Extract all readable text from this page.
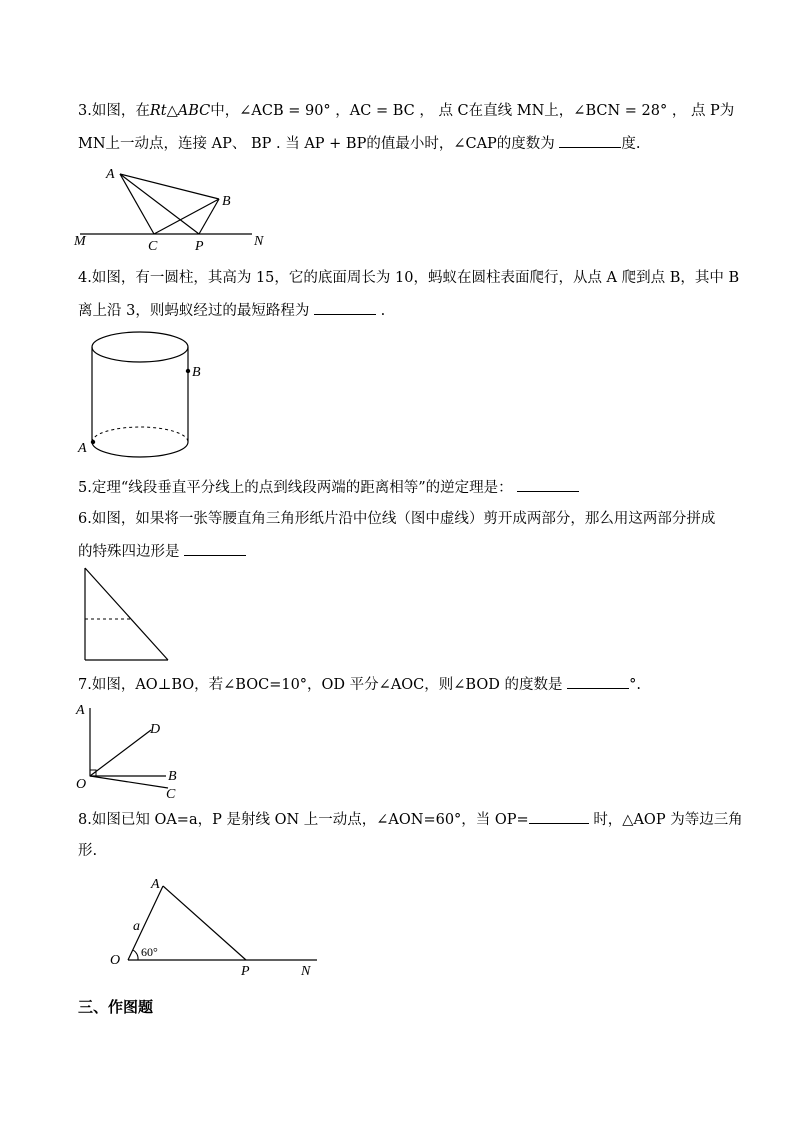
3.如图，在Rt△ABC中，∠ACB = 90° ，AC = BC ， 点 C在直线 MN上，∠BCN = 28° ， 点 P为
MN上一动点，连接 AP、 BP . 当 AP + BP的值最小时，∠CAP的度数为	度.
A
B
C	P
M	N
4.如图，有一圆柱，其高为 15，它的底面周长为 10，蚂蚁在圆柱表面爬行，从点 A 爬到点 B，其中 B
离上沿 3，则蚂蚁经过的最短路程为	.
B
A
5.定理“线段垂直平分线上的点到线段两端的距离相等”的逆定理是：
6.如图，如果将一张等腰直角三角形纸片沿中位线（图中虚线）剪开成两部分，那么用这两部分拼成
的特殊四边形是
7.如图，AO⊥BO，若∠BOC=10°，OD 平分∠AOC，则∠BOD 的度数是	°.
A
D
B
C
O
8.如图已知 OA=a，P 是射线 ON 上一动点，∠AON=60°，当 OP=	时，△AOP 为等边三角
形.
A
a
O
60°
P	N
三、作图题
